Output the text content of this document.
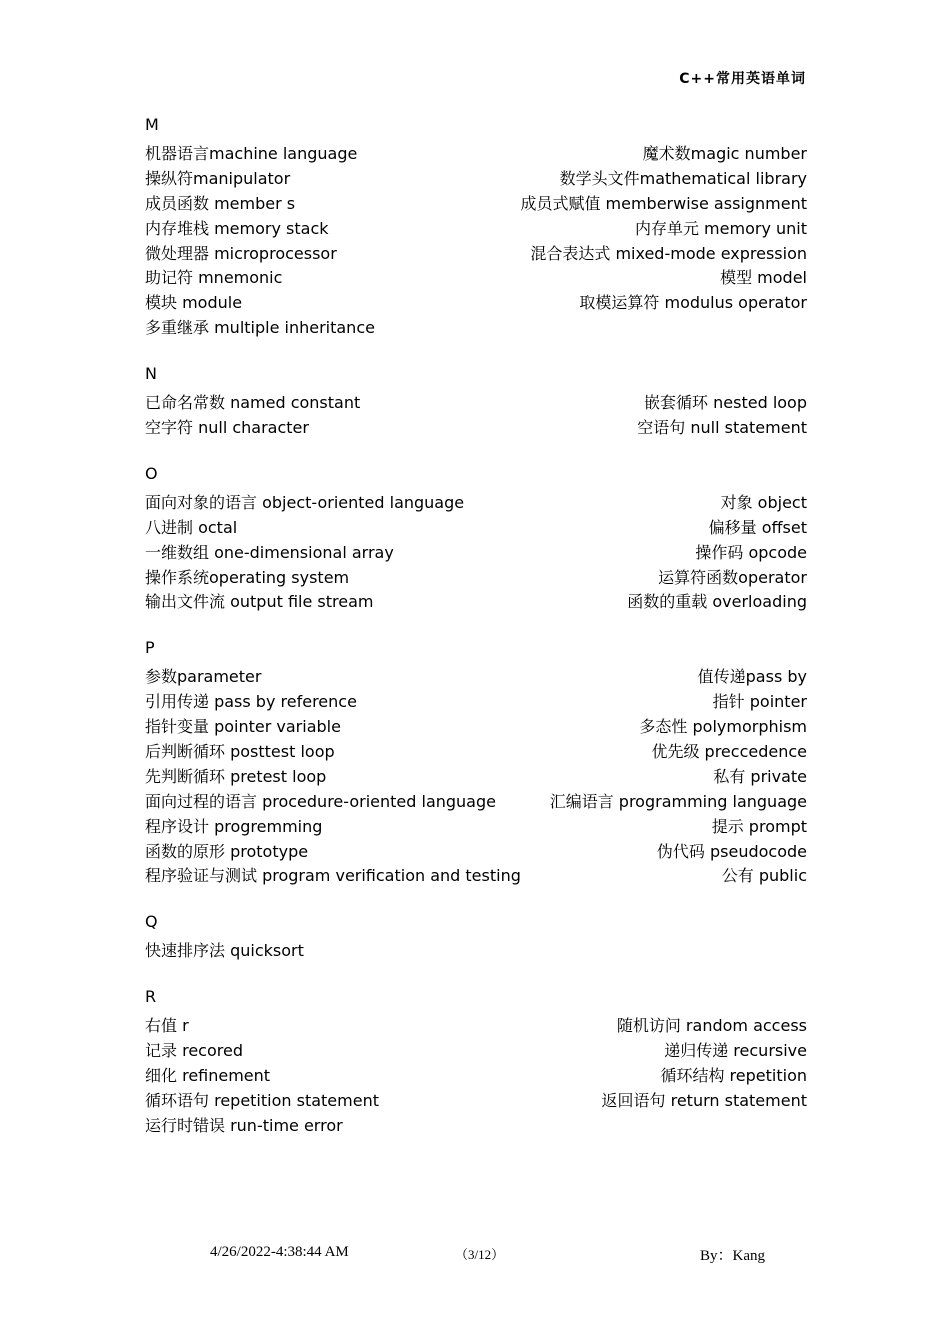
C++常用英语单词
M
机器语言machine language	魔术数magic number
操纵符manipulator	数学头文件mathematical library
成员函数 member s	成员式赋值 memberwise assignment
内存堆栈 memory stack	内存单元 memory unit
微处理器 microprocessor	混合表达式 mixed-mode expression
助记符 mnemonic	模型 model
模块 module	取模运算符 modulus operator
多重继承 multiple inheritance
N
已命名常数 named constant	嵌套循环 nested loop
空字符 null character	空语句 null statement
O
面向对象的语言 object-oriented language	对象 object
八进制 octal	偏移量 offset
一维数组 one-dimensional array	操作码 opcode
操作系统operating system	运算符函数operator
输出文件流 output file stream	函数的重载 overloading
P
参数parameter	值传递pass by
引用传递 pass by reference	指针 pointer
指针变量 pointer variable	多态性 polymorphism
后判断循环 posttest loop	优先级 preccedence
先判断循环 pretest loop	私有 private
面向过程的语言 procedure-oriented language	汇编语言 programming language
程序设计 progremming	提示 prompt
函数的原形 prototype	伪代码 pseudocode
程序验证与测试 program verification and testing	公有 public
Q
快速排序法 quicksort
R
右值 r	随机访问 random access
记录 recored	递归传递 recursive
细化 refinement	循环结构 repetition
循环语句 repetition statement	返回语句 return statement
运行时错误 run-time error
4/26/2022-4:38:44 AM	（3/12）	By：Kang
